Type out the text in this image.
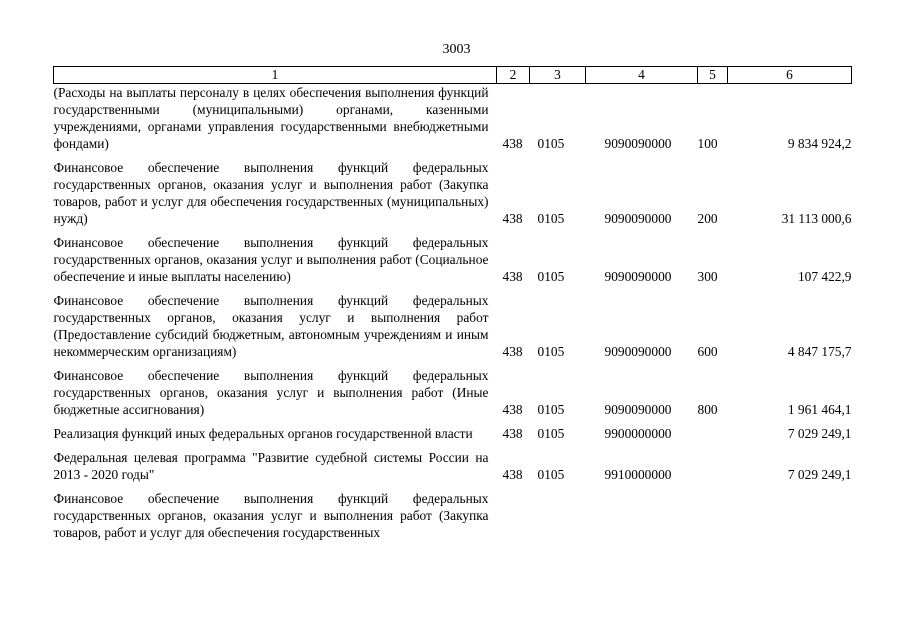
3003
1	2	3	4	5	6
(Расходы на выплаты персоналу в целях обеспечения выполнения функций государственными (муниципальными) органами, казенными учреждениями, органами управления государственными внебюджетными фондами)	438	0105	9090090000	100	9 834 924,2

Финансовое обеспечение выполнения функций федеральных государственных органов, оказания услуг и выполнения работ (Закупка товаров, работ и услуг для обеспечения государственных (муниципальных) нужд)	438	0105	9090090000	200	31 113 000,6

Финансовое обеспечение выполнения функций федеральных государственных органов, оказания услуг и выполнения работ (Социальное обеспечение и иные выплаты населению)	438	0105	9090090000	300	107 422,9

Финансовое обеспечение выполнения функций федеральных государственных органов, оказания услуг и выполнения работ (Предоставление субсидий бюджетным, автономным учреждениям и иным некоммерческим организациям)	438	0105	9090090000	600	4 847 175,7

Финансовое обеспечение выполнения функций федеральных государственных органов, оказания услуг и выполнения работ (Иные бюджетные ассигнования)	438	0105	9090090000	800	1 961 464,1

Реализация функций иных федеральных органов государственной власти	438	0105	9900000000		7 029 249,1

Федеральная целевая программа "Развитие судебной системы России на 2013 - 2020 годы"	438	0105	9910000000		7 029 249,1

Финансовое обеспечение выполнения функций федеральных государственных органов, оказания услуг и выполнения работ (Закупка товаров, работ и услуг для обеспечения государственных					
